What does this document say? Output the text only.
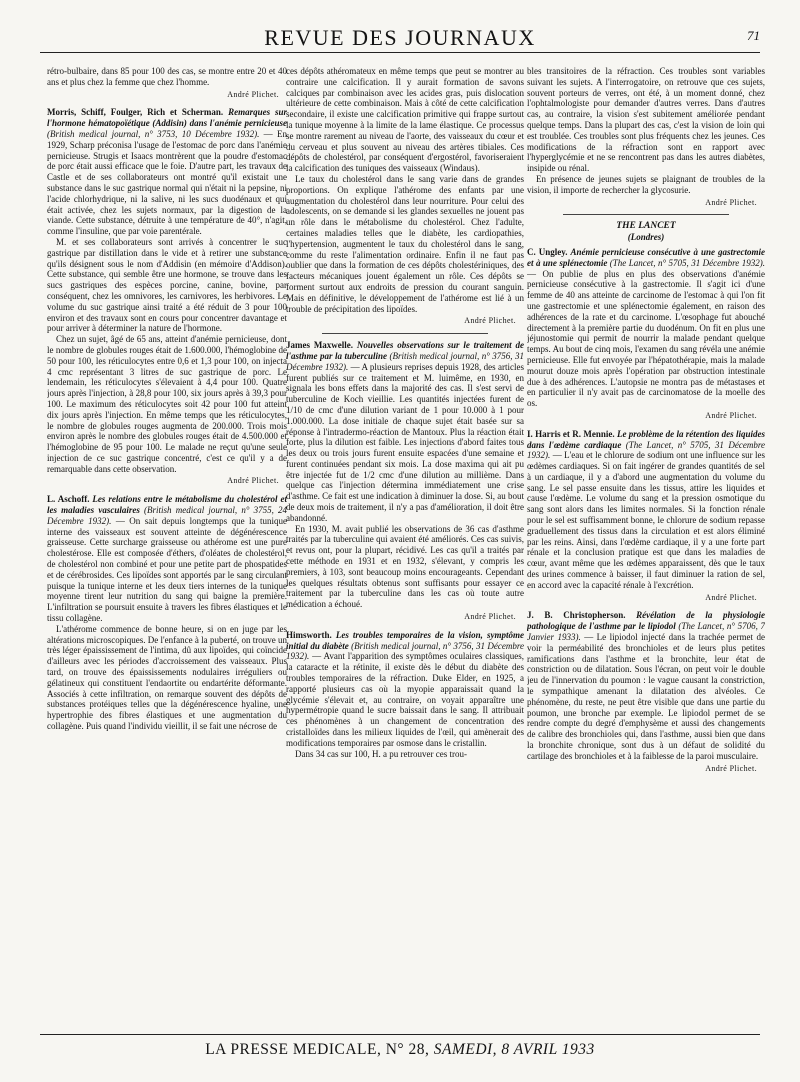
REVUE DES JOURNAUX	71

rétro-bulbaire, dans 85 pour 100 des cas, se montre entre 20 et 40 ans et plus chez la femme que chez l'homme.

André Plichet.

Morris, Schiff, Foulger, Rich et Scherman. Remarques sur l'hormone hématopoïétique (Addisin) dans l'anémie pernicieuse (British medical journal, n° 3753, 10 Décembre 1932). — En 1929, Scharp préconisa l'usage de l'estomac de porc dans l'anémie pernicieuse. Strugis et Isaacs montrèrent que la poudre d'estomac de porc était aussi efficace que le foie. D'autre part, les travaux de Castle et de ses collaborateurs ont montré qu'il existait une substance dans le suc gastrique normal qui n'était ni la pepsine, ni l'acide chlorhydrique, ni la salive, ni les sucs duodénaux et qui était activée, chez les sujets normaux, par la digestion de la viande. Cette substance, détruite à une température de 40°, n'agit, comme l'insuline, que par voie parentérale.

M. et ses collaborateurs sont arrivés à concentrer le suc gastrique par distillation dans le vide et à retirer une substance qu'ils désignent sous le nom d'Addisin (en mémoire d'Addison). Cette substance, qui semble être une hormone, se trouve dans les sucs gastriques des espèces porcine, canine, bovine, par conséquent, chez les omnivores, les carnivores, les herbivores. Le volume du suc gastrique ainsi traité a été réduit de 3 pour 100 environ et des travaux sont en cours pour concentrer davantage et pour arriver à déterminer la nature de l'hormone.

Chez un sujet, âgé de 65 ans, atteint d'anémie pernicieuse, dont le nombre de globules rouges était de 1.600.000, l'hémoglobine de 50 pour 100, les réticulocytes entre 0,6 et 1,3 pour 100, on injecta 4 cmc représentant 3 litres de suc gastrique de porc. Le lendemain, les réticulocytes s'élevaient à 4,4 pour 100. Quatre jours après l'injection, à 28,8 pour 100, six jours après à 39,3 pour 100. Le maximum des réticulocytes soit 42 pour 100 fut atteint dix jours après l'injection. En même temps que les réticulocytes, le nombre de globules rouges augmenta de 200.000. Trois mois environ après le nombre des globules rouges était de 4.500.000 et l'hémoglobine de 95 pour 100. Le malade ne reçut qu'une seule injection de ce suc gastrique concentré, c'est ce qu'il y a de remarquable dans cette observation.

André Plichet.

L. Aschoff. Les relations entre le métabolisme du cholestérol et les maladies vasculaires (British medical journal, n° 3755, 24 Décembre 1932). — On sait depuis longtemps que la tunique interne des vaisseaux est souvent atteinte de dégénérescence graisseuse. Cette surcharge graisseuse ou athérome est une pure cholestérose. Elle est composée d'éthers, d'oléates de cholestérol, de cholestérol non combiné et pour une petite part de phospatides et de cérébrosides. Ces lipoïdes sont apportés par le sang circulant puisque la tunique interne et les deux tiers internes de la tunique moyenne tirent leur nutrition du sang qui baigne la première. L'infiltration se poursuit ensuite à travers les fibres élastiques et le tissu collagène.

L'athérome commence de bonne heure, si on en juge par les altérations microscopiques. De l'enfance à la puberté, on trouve un très léger épaississement de l'intima, dû aux lipoïdes, qui coïncide d'ailleurs avec les périodes d'accroissement des vaisseaux. Plus tard, on trouve des épaississements nodulaires irréguliers ou gélatineux qui constituent l'endaortite ou endartérite déformante. Associés à cette infiltration, on remarque souvent des dépôts de substances protéiques telles que la dégénérescence hyaline, une hypertrophie des fibres élastiques et une augmentation du collagène. Puis quand l'individu vieillit, il se fait une nécrose de

ces dépôts athéromateux en même temps que peut se montrer au contraire une calcification. Il y aurait formation de savons calciques par combinaison avec les acides gras, puis dislocation ultérieure de cette combinaison. Mais à côté de cette calcification secondaire, il existe une calcification primitive qui frappe surtout la tunique moyenne à la limite de la lame élastique. Ce processus se montre rarement au niveau de l'aorte, des vaisseaux du cœur et du cerveau et plus souvent au niveau des artères tibiales. Ces dépôts de cholestérol, par conséquent d'ergostérol, favoriseraient la calcification des tuniques des vaisseaux (Windaus).

Le taux du cholestérol dans le sang varie dans de grandes proportions. On explique l'athérome des enfants par une augmentation du cholestérol dans leur nourriture. Pour celui des adolescents, on se demande si les glandes sexuelles ne jouent pas un rôle dans le métabolisme du cholestérol. Chez l'adulte, certaines maladies telles que le diabète, les cardiopathies, l'hypertension, augmentent le taux du cholestérol dans le sang, comme du reste l'alimentation ordinaire. Enfin il ne faut pas oublier que dans la formation de ces dépôts cholestériniques, des facteurs mécaniques jouent également un rôle. Ces dépôts se forment surtout aux endroits de pression du courant sanguin. Mais en définitive, le développement de l'athérome est lié à un trouble de précipitation des lipoïdes.

André Plichet.

James Maxwelle. Nouvelles observations sur le traitement de l'asthme par la tuberculine (British medical journal, n° 3756, 31 Décembre 1932). — A plusieurs reprises depuis 1928, des articles furent publiés sur ce traitement et M. luimême, en 1930, en signala les bons effets dans la majorité des cas. Il s'est servi de tuberculine de Koch vieillie. Les quantités injectées furent de 1/10 de cmc d'une dilution variant de 1 pour 10.000 à 1 pour 1.000.000. La dose initiale de chaque sujet était basée sur sa réponse à l'intradermo-réaction de Mantoux. Plus la réaction était forte, plus la dilution est faible. Les injections d'abord faites tous les deux ou trois jours furent ensuite espacées d'une semaine et furent continuées pendant six mois. La dose maxima qui ait pu être injectée fut de 1/2 cmc d'une dilution au millième. Dans quelque cas l'injection détermina immédiatement une crise d'asthme. Ce fait est une indication à diminuer la dose. Si, au bout de deux mois de traitement, il n'y a pas d'amélioration, il doit être abandonné.

En 1930, M. avait publié les observations de 36 cas d'asthme traités par la tuberculine qui avaient été améliorés. Ces cas suivis, et revus ont, pour la plupart, récidivé. Les cas qu'il a traités par cette méthode en 1931 et en 1932, s'élevant, y compris les premiers, à 103, sont beaucoup moins encourageants. Cependant les quelques résultats obtenus sont suffisants pour essayer ce traitement par la tuberculine dans les cas où toute autre médication a échoué.

André Plichet.

Himsworth. Les troubles temporaires de la vision, symptôme initial du diabète (British medical journal, n° 3756, 31 Décembre 1932). — Avant l'apparition des symptômes oculaires classiques, la cataracte et la rétinite, il existe dès le début du diabète des troubles temporaires de la réfraction. Duke Elder, en 1925, a rapporté plusieurs cas où la myopie apparaissait quand la glycémie s'élevait et, au contraire, on voyait apparaître une hypermétropie quand le sucre baissait dans le sang. Il attribuait ces phénomènes à un changement de concentration des cristalloïdes dans les milieux liquides de l'œil, qui amènerait des modifications temporaires par osmose dans le cristallin.

Dans 34 cas sur 100, H. a pu retrouver ces trou-

bles transitoires de la réfraction. Ces troubles sont variables suivant les sujets. A l'interrogatoire, on retrouve que ces sujets, souvent porteurs de verres, ont été, à un moment donné, chez l'ophtalmologiste pour demander d'autres verres. Dans d'autres cas, au contraire, la vision s'est subitement améliorée pendant quelque temps. Dans la plupart des cas, c'est la vision de loin qui est troublée. Ces troubles sont plus fréquents chez les jeunes. Ces modifications de la réfraction sont en rapport avec l'hyperglycémie et ne se rencontrent pas dans les autres diabètes, insipide ou rénal.

En présence de jeunes sujets se plaignant de troubles de la vision, il importe de rechercher la glycosurie.

André Plichet.
THE LANCET
(Londres)

C. Ungley. Anémie pernicieuse consécutive à une gastrectomie et à une splénectomie (The Lancet, n° 5705, 31 Décembre 1932). — On publie de plus en plus des observations d'anémie pernicieuse consécutive à la gastrectomie. Il s'agit ici d'une femme de 40 ans atteinte de carcinome de l'estomac à qui l'on fit une gastrectomie et une splénectomie également, en raison des adhérences de la rate et du carcinome. L'œsophage fut abouché directement à la première partie du duodénum. On fit en plus une jéjunostomie qui permit de nourrir la malade pendant quelque temps. Au bout de cinq mois, l'examen du sang révéla une anémie pernicieuse. Elle fut envoyée par l'hépatothérapie, mais la malade mourut douze mois après l'opération par obstruction intestinale due à des adhérences. L'autopsie ne montra pas de métastases et en particulier il n'y avait pas de carcinomatose de la moelle des os.

André Plichet.

I. Harris et R. Mennie. Le problème de la rétention des liquides dans l'œdème cardiaque (The Lancet, n° 5705, 31 Décembre 1932). — L'eau et le chlorure de sodium ont une influence sur les œdèmes cardiaques. Si on fait ingérer de grandes quantités de sel à un cardiaque, il y a d'abord une augmentation du volume du sang. Le sel passe ensuite dans les tissus, attire les liquides et cause l'œdème. Le volume du sang et la pression osmotique du sang sont alors dans les limites normales. Si la fonction rénale pour le sel est suffisamment bonne, le chlorure de sodium repasse graduellement des tissus dans la circulation et est alors éliminé par les reins. Ainsi, dans l'œdème cardiaque, il y a une forte part rénale et la conclusion pratique est que dans les maladies de cœur, avant même que les œdèmes apparaissent, dès que le taux des urines commence à baisser, il faut diminuer la ration de sel, en accord avec la capacité rénale à l'excrétion.

André Plichet.

J. B. Christopherson. Révélation de la physiologie pathologique de l'asthme par le lipiodol (The Lancet, n° 5706, 7 Janvier 1933). — Le lipiodol injecté dans la trachée permet de voir la perméabilité des bronchioles et de leurs plus petites ramifications dans l'asthme et la bronchite, leur état de constriction ou de dilatation. Sous l'écran, on peut voir le double jeu de l'innervation du poumon : le vague causant la constriction, le sympathique amenant la dilatation des alvéoles. Ce phénomène, du reste, ne peut être visible que dans une partie du poumon, une bronche par exemple. Le lipiodol permet de se rendre compte du degré d'emphysème et aussi des changements de calibre des bronchioles qui, dans l'asthme, aussi bien que dans la bronchite chronique, sont dus à un défaut de solidité du cartilage des bronchioles et à la faiblesse de la paroi musculaire.

André Plichet.
LA PRESSE MEDICALE, N° 28, SAMEDI, 8 AVRIL 1933
